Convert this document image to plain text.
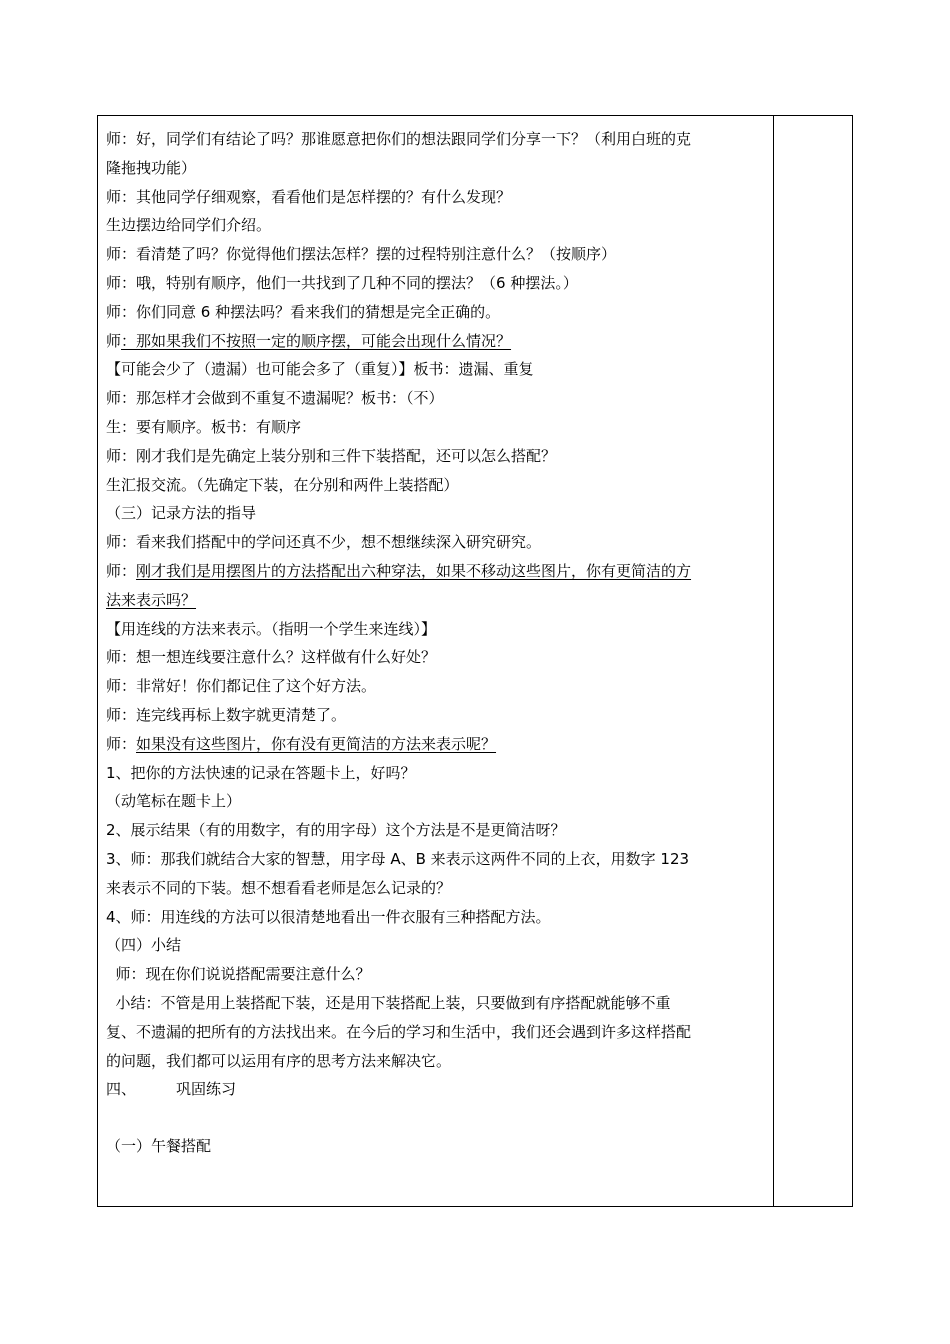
师：好，同学们有结论了吗？那谁愿意把你们的想法跟同学们分享一下？（利用白班的克
隆拖拽功能）
师：其他同学仔细观察，看看他们是怎样摆的？有什么发现？
生边摆边给同学们介绍。
师：看清楚了吗？你觉得他们摆法怎样？摆的过程特别注意什么？（按顺序）
师：哦，特别有顺序，他们一共找到了几种不同的摆法？（6 种摆法。）
师：你们同意 6 种摆法吗？看来我们的猜想是完全正确的。
师：那如果我们不按照一定的顺序摆，可能会出现什么情况？
【可能会少了（遗漏）也可能会多了（重复）】板书：遗漏、重复
师：那怎样才会做到不重复不遗漏呢？板书：（不）
生：要有顺序。板书：有顺序
师：刚才我们是先确定上装分别和三件下装搭配，还可以怎么搭配？
生汇报交流。（先确定下装，在分别和两件上装搭配）
（三）记录方法的指导
师：看来我们搭配中的学问还真不少，想不想继续深入研究研究。
师：刚才我们是用摆图片的方法搭配出六种穿法，如果不移动这些图片，你有更简洁的方
法来表示吗？
【用连线的方法来表示。（指明一个学生来连线）】
师：想一想连线要注意什么？这样做有什么好处？
师：非常好！你们都记住了这个好方法。
师：连完线再标上数字就更清楚了。
师：如果没有这些图片，你有没有更简洁的方法来表示呢？
1、把你的方法快速的记录在答题卡上，好吗？
（动笔标在题卡上）
2、展示结果（有的用数字，有的用字母）这个方法是不是更简洁呀？
3、师：那我们就结合大家的智慧，用字母 A、B 来表示这两件不同的上衣，用数字 123
来表示不同的下装。想不想看看老师是怎么记录的？
4、师：用连线的方法可以很清楚地看出一件衣服有三种搭配方法。
（四）小结
师：现在你们说说搭配需要注意什么？
小结：不管是用上装搭配下装，还是用下装搭配上装，只要做到有序搭配就能够不重
复、不遗漏的把所有的方法找出来。在今后的学习和生活中，我们还会遇到许多这样搭配
的问题，我们都可以运用有序的思考方法来解决它。
四、	巩固练习
（一）午餐搭配
